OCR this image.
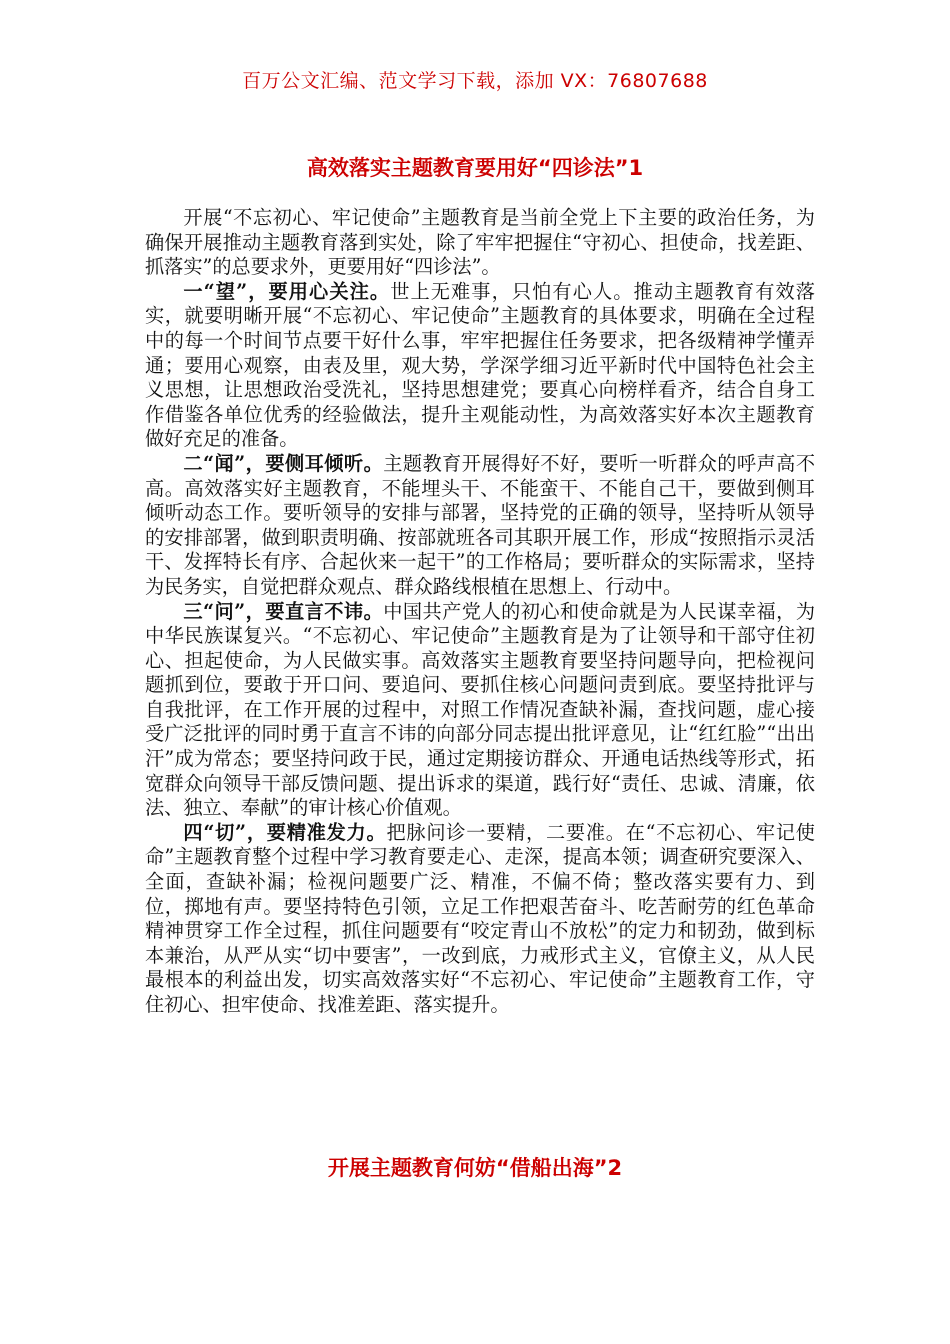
百万公文汇编、范文学习下载，添加 VX：76807688
高效落实主题教育要用好“四诊法”1

开展“不忘初心、牢记使命”主题教育是当前全党上下主要的政治任务，为确保开展推动主题教育落到实处，除了牢牢把握住“守初心、担使命，找差距、抓落实”的总要求外，更要用好“四诊法”。

一“望”，要用心关注。世上无难事，只怕有心人。推动主题教育有效落实，就要明晰开展“不忘初心、牢记使命”主题教育的具体要求，明确在全过程中的每一个时间节点要干好什么事，牢牢把握住任务要求，把各级精神学懂弄通；要用心观察，由表及里，观大势，学深学细习近平新时代中国特色社会主义思想，让思想政治受洗礼，坚持思想建党；要真心向榜样看齐，结合自身工作借鉴各单位优秀的经验做法，提升主观能动性，为高效落实好本次主题教育做好充足的准备。

二“闻”，要侧耳倾听。主题教育开展得好不好，要听一听群众的呼声高不高。高效落实好主题教育，不能埋头干、不能蛮干、不能自己干，要做到侧耳倾听动态工作。要听领导的安排与部署，坚持党的正确的领导，坚持听从领导的安排部署，做到职责明确、按部就班各司其职开展工作，形成“按照指示灵活干、发挥特长有序、合起伙来一起干”的工作格局；要听群众的实际需求，坚持为民务实，自觉把群众观点、群众路线根植在思想上、行动中。

三“问”，要直言不讳。中国共产党人的初心和使命就是为人民谋幸福，为中华民族谋复兴。“不忘初心、牢记使命”主题教育是为了让领导和干部守住初心、担起使命，为人民做实事。高效落实主题教育要坚持问题导向，把检视问题抓到位，要敢于开口问、要追问、要抓住核心问题问责到底。要坚持批评与自我批评，在工作开展的过程中，对照工作情况查缺补漏，查找问题，虚心接受广泛批评的同时勇于直言不讳的向部分同志提出批评意见，让“红红脸”“出出汗”成为常态；要坚持问政于民，通过定期接访群众、开通电话热线等形式，拓宽群众向领导干部反馈问题、提出诉求的渠道，践行好“责任、忠诚、清廉，依法、独立、奉献”的审计核心价值观。

四“切”，要精准发力。把脉问诊一要精，二要准。在“不忘初心、牢记使命”主题教育整个过程中学习教育要走心、走深，提高本领；调查研究要深入、全面，查缺补漏；检视问题要广泛、精准，不偏不倚；整改落实要有力、到位，掷地有声。要坚持特色引领，立足工作把艰苦奋斗、吃苦耐劳的红色革命精神贯穿工作全过程，抓住问题要有“咬定青山不放松”的定力和韧劲，做到标本兼治，从严从实“切中要害”，一改到底，力戒形式主义，官僚主义，从人民最根本的利益出发，切实高效落实好“不忘初心、牢记使命”主题教育工作，守住初心、担牢使命、找准差距、落实提升。

开展主题教育何妨“借船出海”2
